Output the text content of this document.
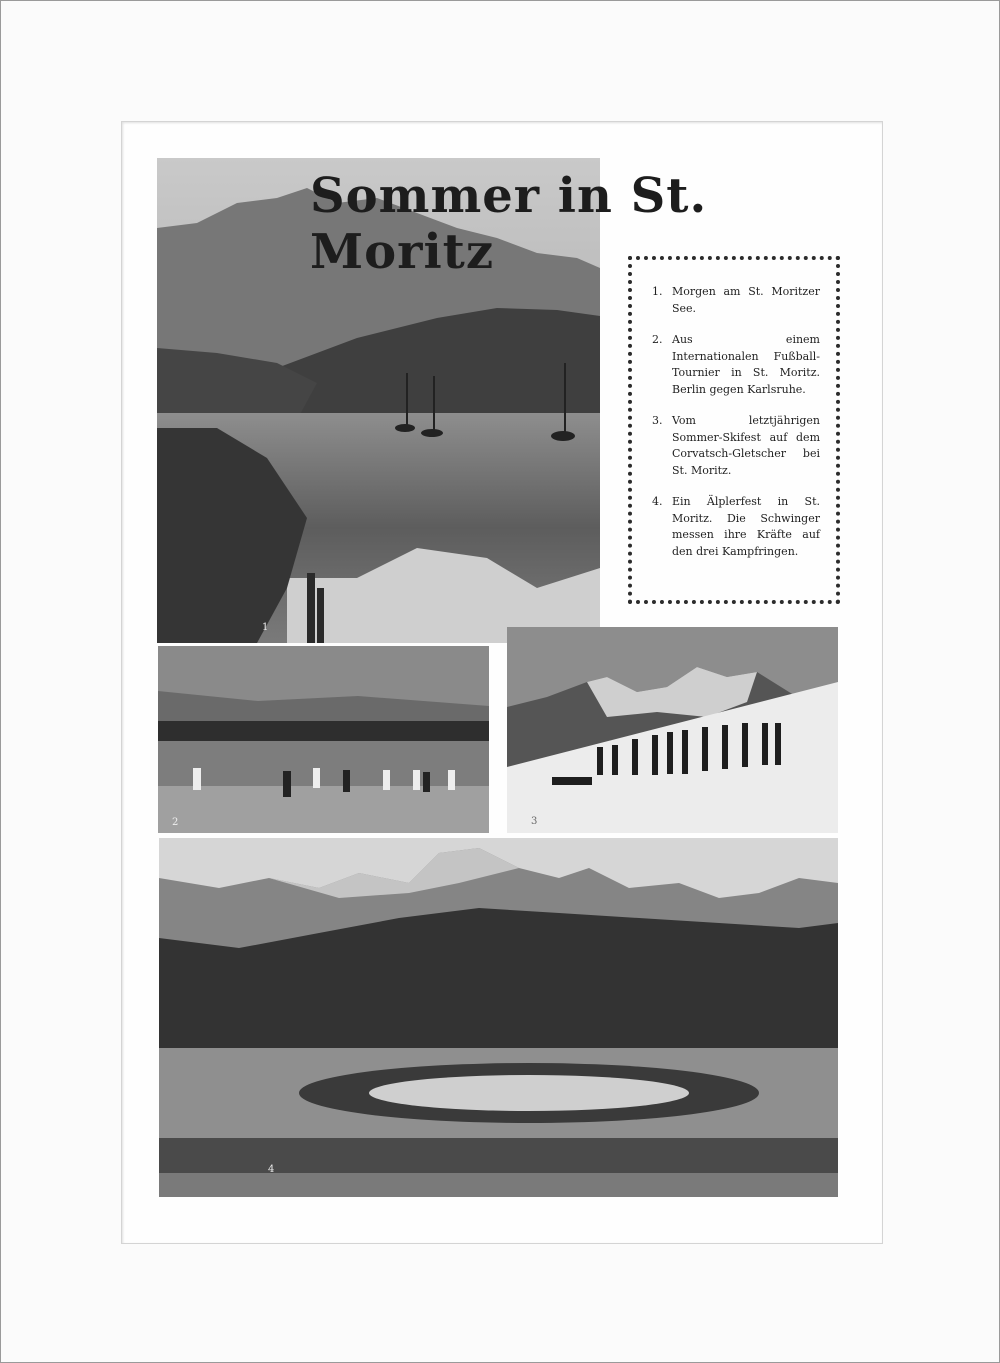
Sommer in St. Moritz
1. Morgen am St. Moritzer See.
2. Aus einem Internationalen Fußball-Tournier in St. Moritz. Berlin gegen Karlsruhe.
3. Vom letztjährigen Sommer-Skifest auf dem Corvatsch-Gletscher bei St. Moritz.
4. Ein Älplerfest in St. Moritz. Die Schwinger messen ihre Kräfte auf den drei Kampfringen.
2	3
4
1
